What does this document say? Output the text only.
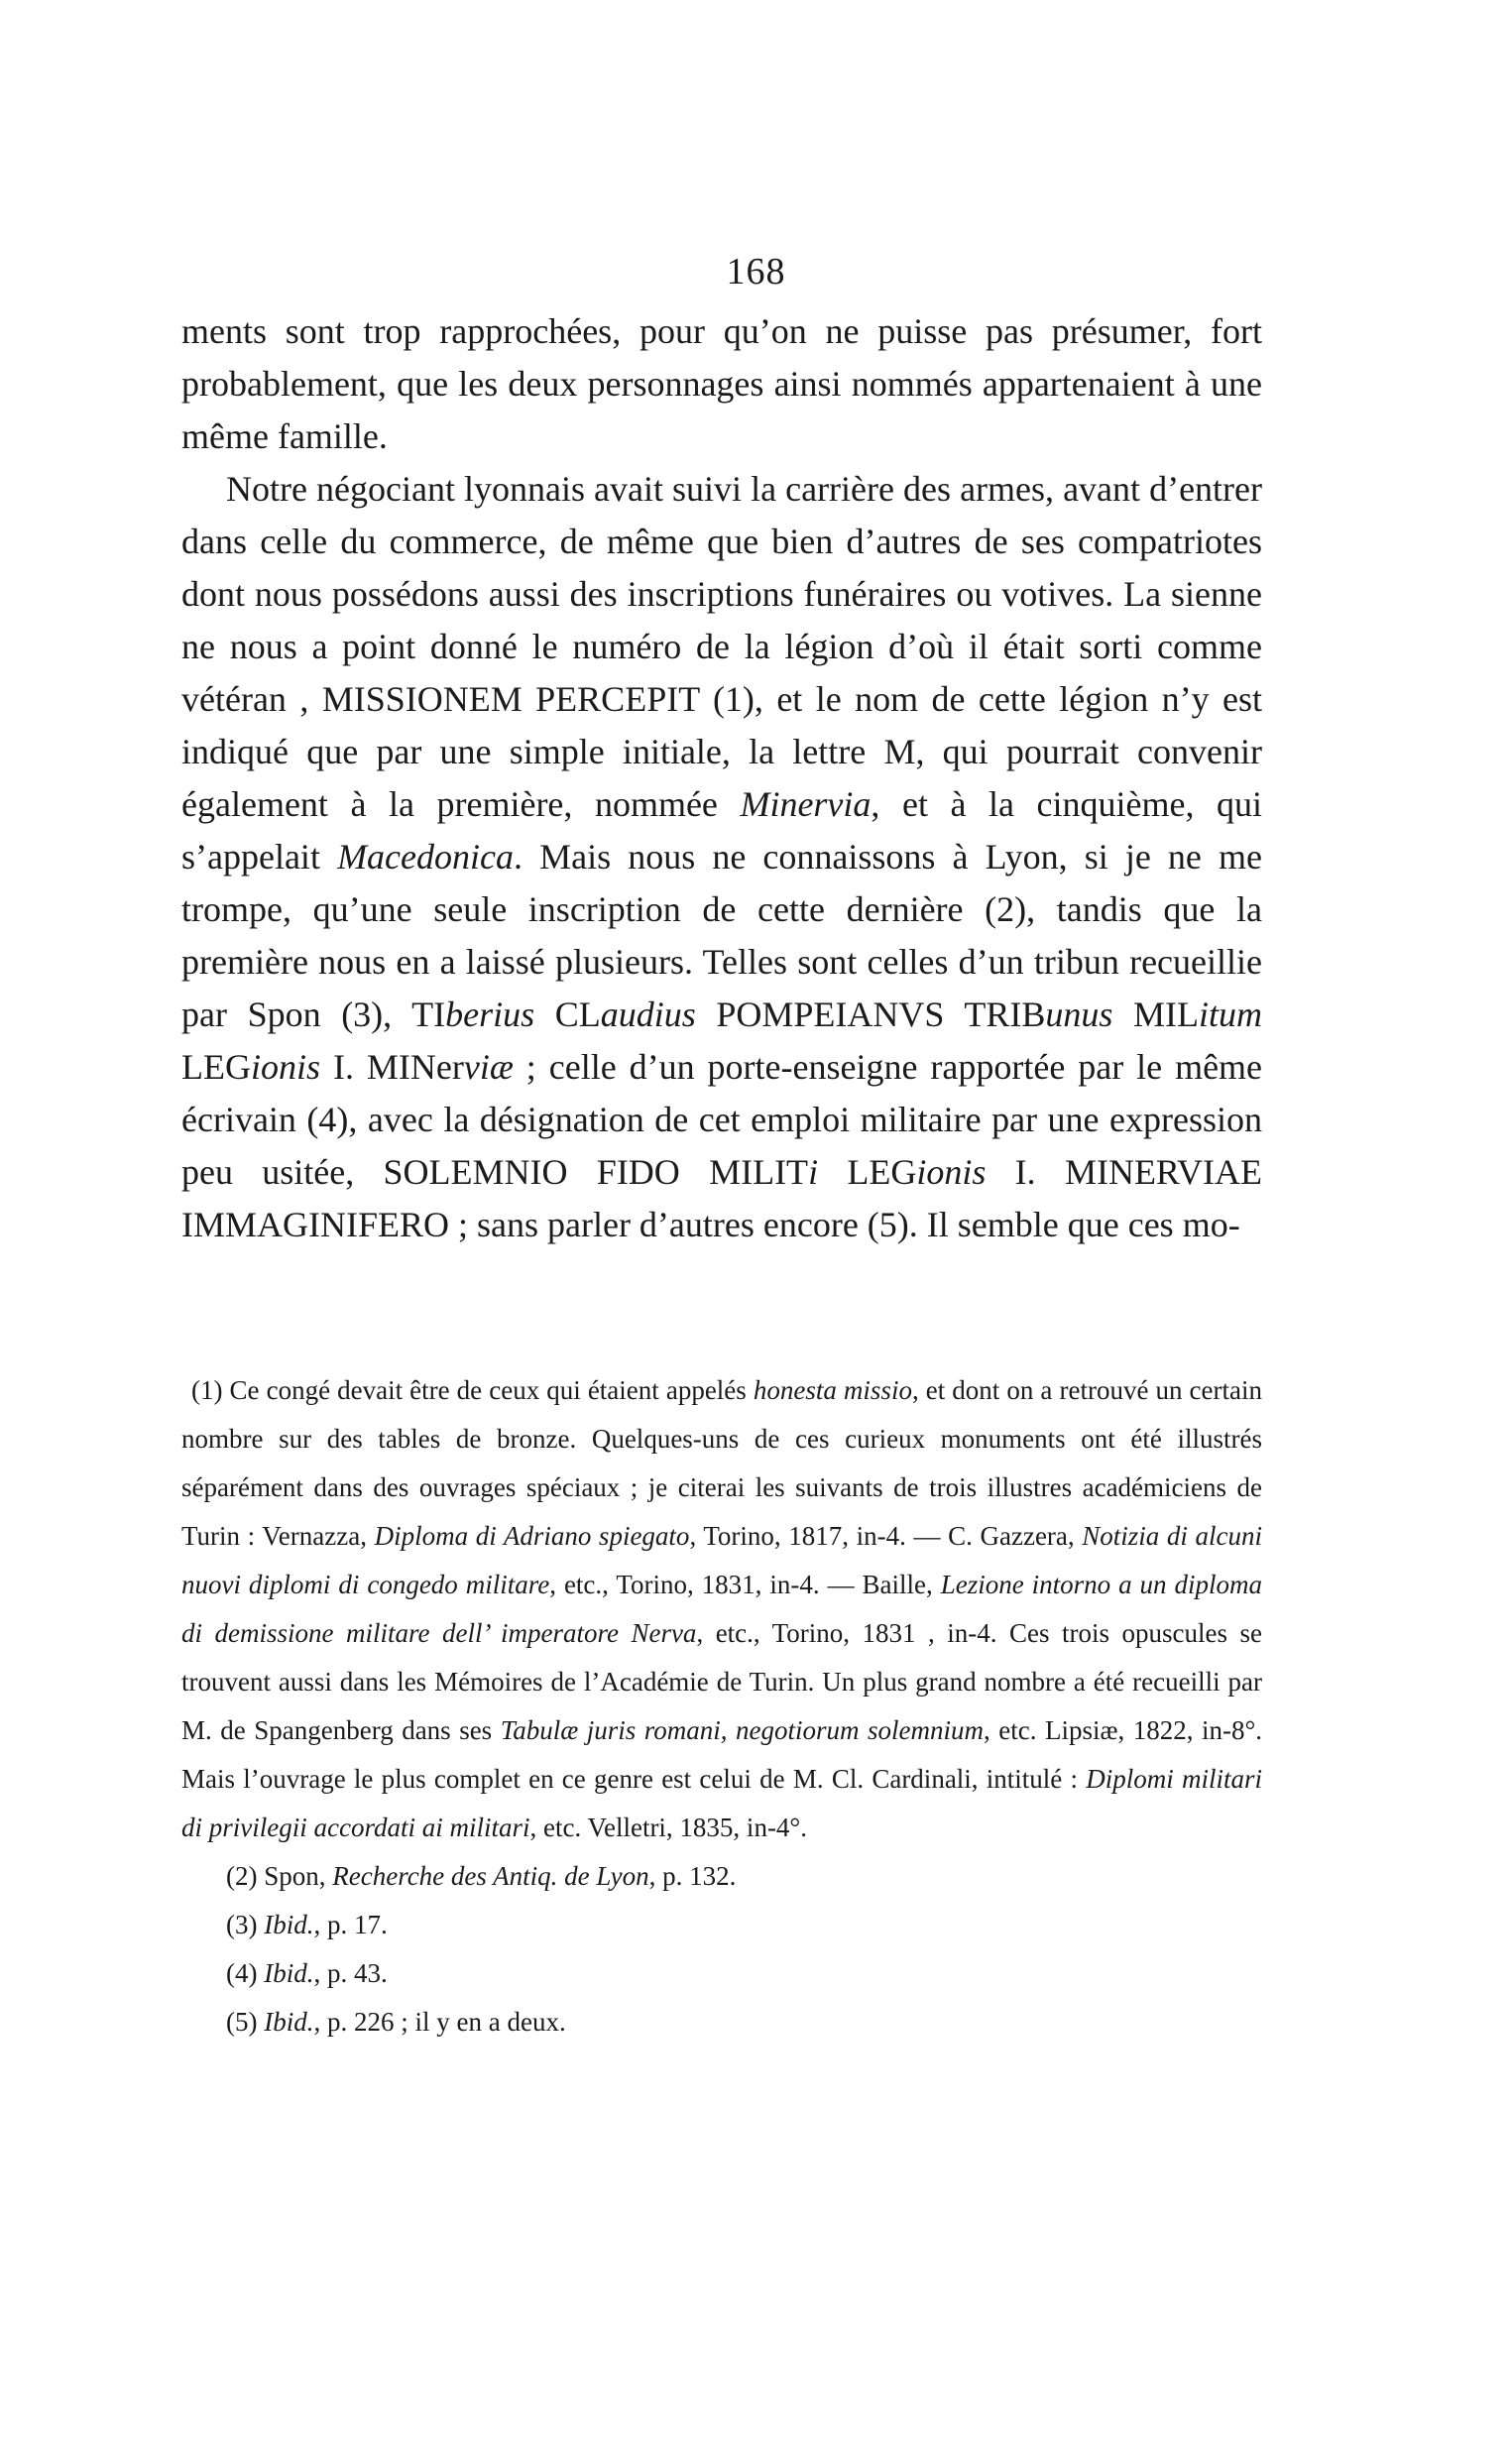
168

ments sont trop rapprochées, pour qu’on ne puisse pas présumer, fort probablement, que les deux personnages ainsi nommés appartenaient à une même famille.

Notre négociant lyonnais avait suivi la carrière des armes, avant d’entrer dans celle du commerce, de même que bien d’autres de ses compatriotes dont nous possédons aussi des inscriptions funéraires ou votives. La sienne ne nous a point donné le numéro de la légion d’où il était sorti comme vétéran , MISSIONEM PERCEPIT (1), et le nom de cette légion n’y est indiqué que par une simple initiale, la lettre M, qui pourrait convenir également à la première, nommée Minervia, et à la cinquième, qui s’appelait Macedonica. Mais nous ne connaissons à Lyon, si je ne me trompe, qu’une seule inscription de cette dernière (2), tandis que la première nous en a laissé plusieurs. Telles sont celles d’un tribun recueillie par Spon (3), TIberius CLaudius POMPEIANVS TRIBunus MILitum LEGionis I. MINerviæ ; celle d’un porte-enseigne rapportée par le même écrivain (4), avec la désignation de cet emploi militaire par une expression peu usitée, SOLEMNIO FIDO MILITi LEGionis I. MINERVIAE IMMAGINIFERO ; sans parler d’autres encore (5). Il semble que ces mo-

(1) Ce congé devait être de ceux qui étaient appelés honesta missio, et dont on a retrouvé un certain nombre sur des tables de bronze. Quelques-uns de ces curieux monuments ont été illustrés séparément dans des ouvrages spéciaux ; je citerai les suivants de trois illustres académiciens de Turin : Vernazza, Diploma di Adriano spiegato, Torino, 1817, in-4. — C. Gazzera, Notizia di alcuni nuovi diplomi di congedo militare, etc., Torino, 1831, in-4. — Baille, Lezione intorno a un diploma di demissione militare dell’ imperatore Nerva, etc., Torino, 1831 , in-4. Ces trois opuscules se trouvent aussi dans les Mémoires de l’Académie de Turin. Un plus grand nombre a été recueilli par M. de Spangenberg dans ses Tabulæ juris romani, negotiorum solemnium, etc. Lipsiæ, 1822, in-8°. Mais l’ouvrage le plus complet en ce genre est celui de M. Cl. Cardinali, intitulé : Diplomi militari di privilegii accordati ai militari, etc. Velletri, 1835, in-4°.

(2) Spon, Recherche des Antiq. de Lyon, p. 132.

(3) Ibid., p. 17.

(4) Ibid., p. 43.

(5) Ibid., p. 226 ; il y en a deux.
